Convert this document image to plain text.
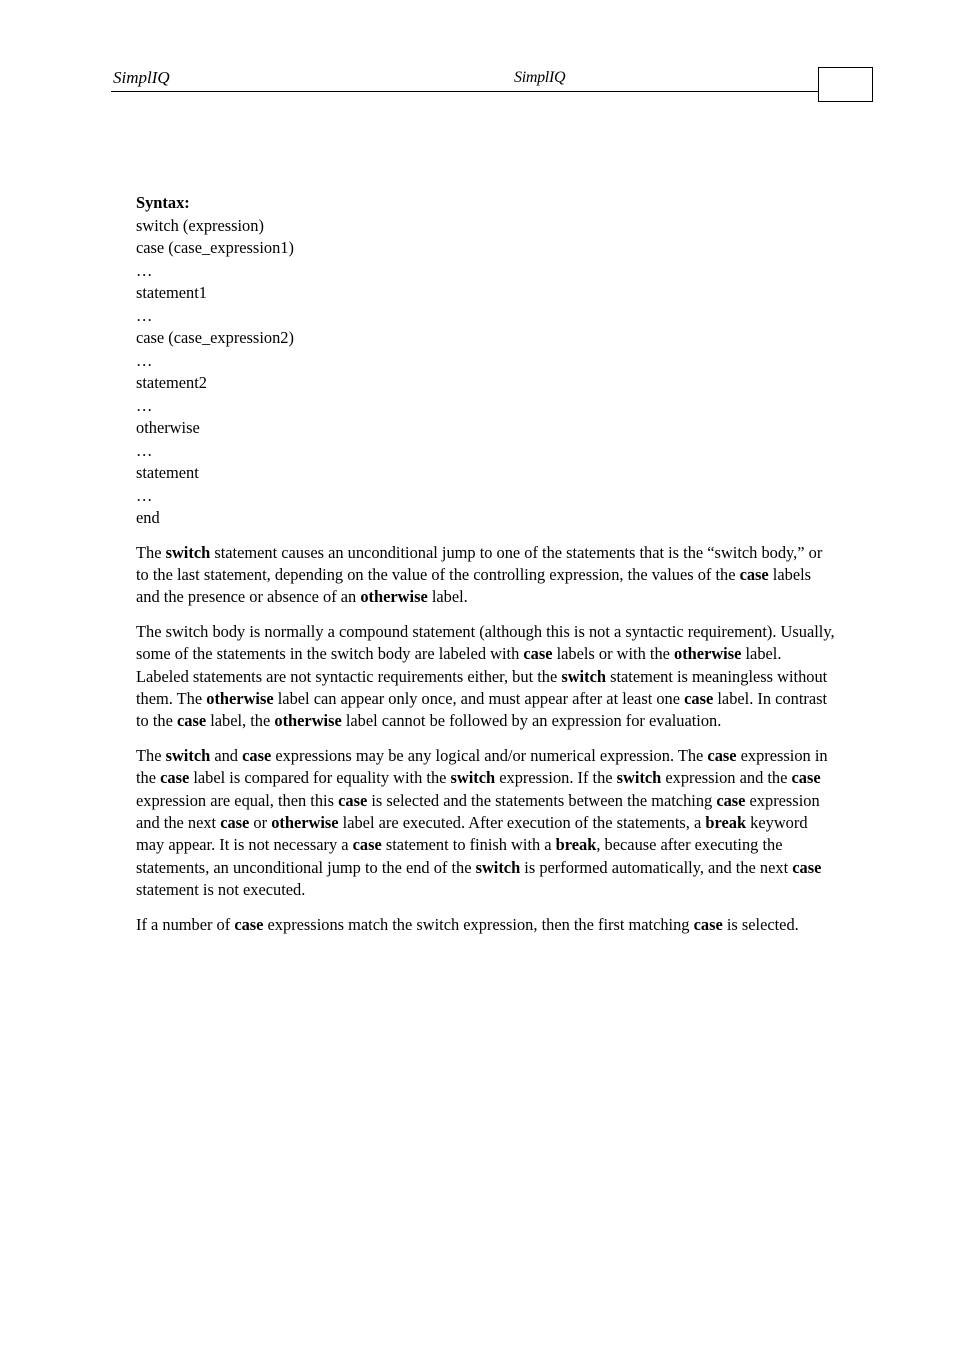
SimplIQ	SimplIQ
Syntax:
switch (expression)
case (case_expression1)
…
statement1
…
case (case_expression2)
…
statement2
…
otherwise
…
statement
…
end

The switch statement causes an unconditional jump to one of the statements that is the “switch body,” or to the last statement, depending on the value of the controlling expression, the values of the case labels and the presence or absence of an otherwise label.

The switch body is normally a compound statement (although this is not a syntactic requirement). Usually, some of the statements in the switch body are labeled with case labels or with the otherwise label. Labeled statements are not syntactic requirements either, but the switch statement is meaningless without them. The otherwise label can appear only once, and must appear after at least one case label. In contrast to the case label, the otherwise label cannot be followed by an expression for evaluation.

The switch and case expressions may be any logical and/or numerical expression. The case expression in the case label is compared for equality with the switch expression. If the switch expression and the case expression are equal, then this case is selected and the statements between the matching case expression and the next case or otherwise label are executed. After execution of the statements, a break keyword may appear. It is not necessary a case statement to finish with a break, because after executing the statements, an unconditional jump to the end of the switch is performed automatically, and the next case statement is not executed.

If a number of case expressions match the switch expression, then the first matching case is selected.
